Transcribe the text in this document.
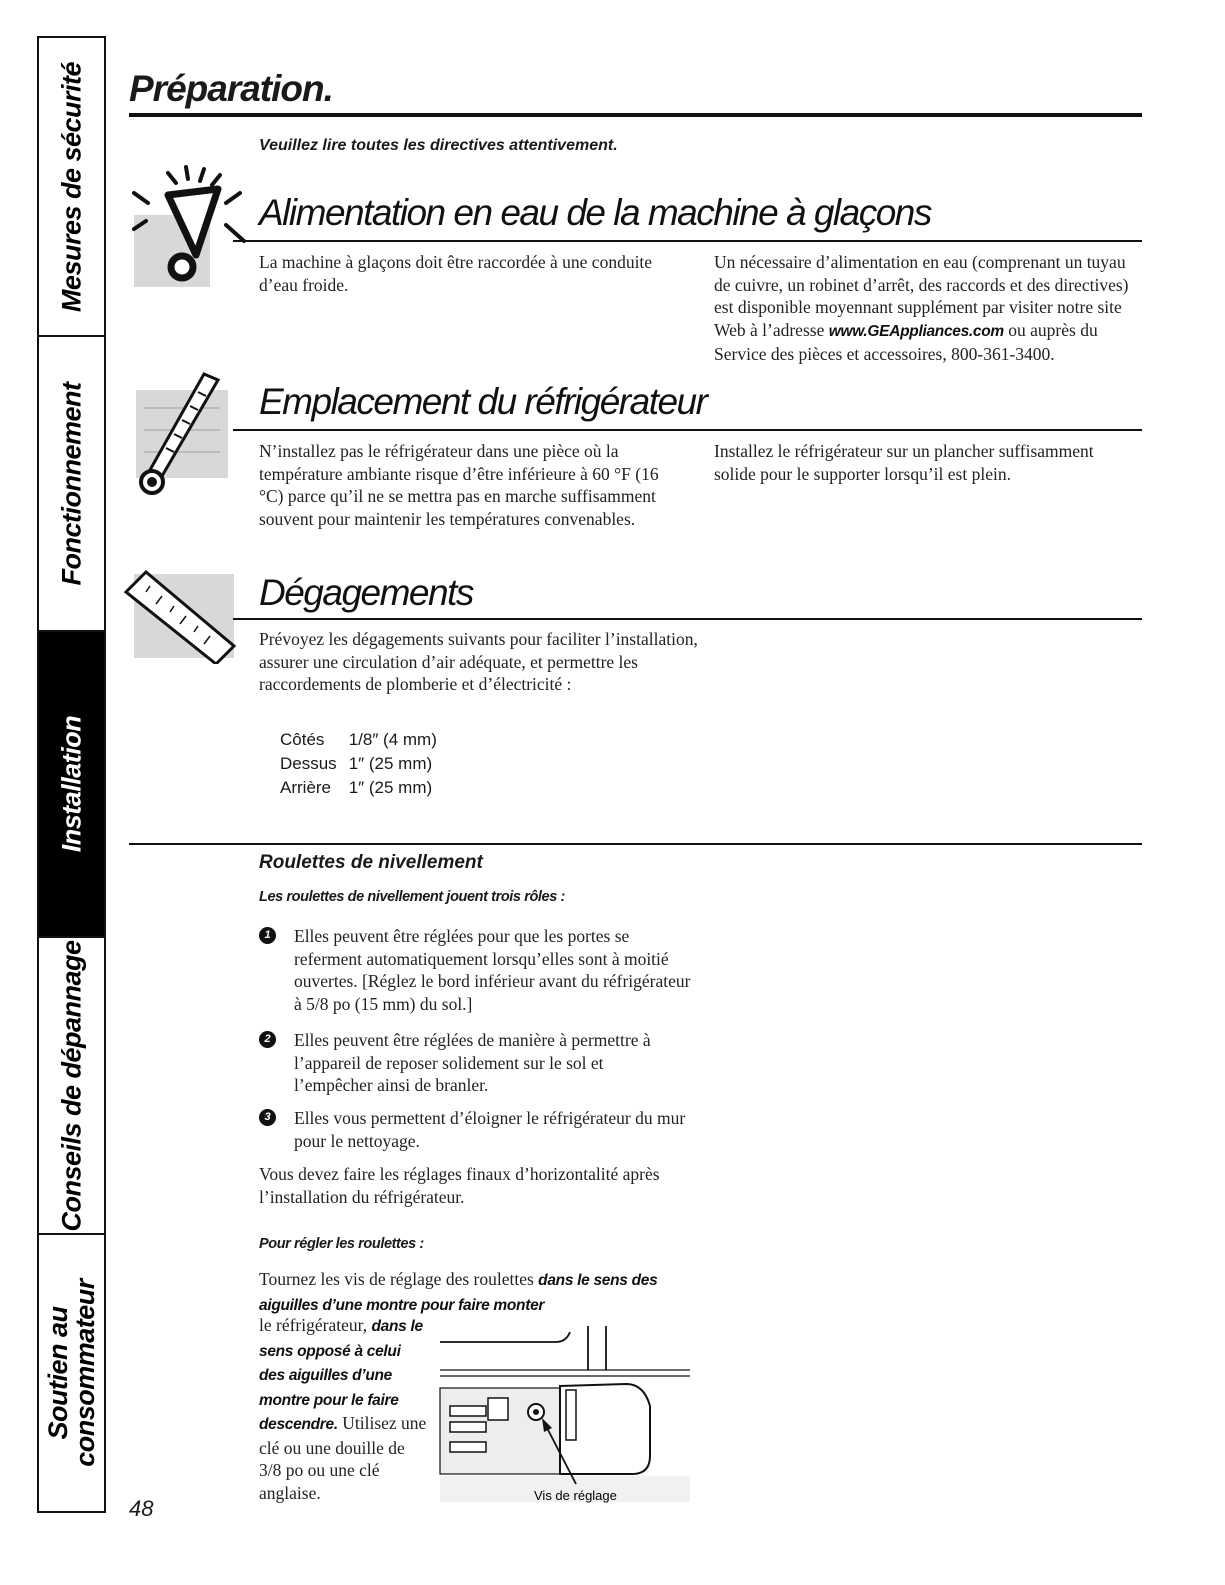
Mesures de sécurité
Fonctionnement
Installation
Conseils de dépannage
Soutien au
consommateur
Préparation.
Veuillez lire toutes les directives attentivement.
Alimentation en eau de la machine à glaçons

La machine à glaçons doit être raccordée à une conduite d’eau froide.

Un nécessaire d’alimentation en eau (comprenant un tuyau de cuivre, un robinet d’arrêt, des raccords et des directives) est disponible moyennant supplément par visiter notre site Web à l’adresse www.GEAppliances.com ou auprès du Service des pièces et accessoires, 800-361-3400.

Emplacement du réfrigérateur

N’installez pas le réfrigérateur dans une pièce où la température ambiante risque d’être inférieure à 60 °F (16 °C) parce qu’il ne se mettra pas en marche suffisamment souvent pour maintenir les températures convenables.

Installez le réfrigérateur sur un plancher suffisamment solide pour le supporter lorsqu’il est plein.

Dégagements

Prévoyez les dégagements suivants pour faciliter l’installation, assurer une circulation d’air adéquate, et permettre les raccordements de plomberie et d’électricité :

Côtés	1/8″ (4 mm)
Dessus	1″ (25 mm)
Arrière	1″ (25 mm)
Roulettes de nivellement
Les roulettes de nivellement jouent trois rôles :
1	Elles peuvent être réglées pour que les portes se referment automatiquement lorsqu’elles sont à moitié ouvertes. [Réglez le bord inférieur avant du réfrigérateur à 5/8 po (15 mm) du sol.]

2	Elles peuvent être réglées de manière à permettre à l’appareil de reposer solidement sur le sol et l’empêcher ainsi de branler.

3	Elles vous permettent d’éloigner le réfrigérateur du mur pour le nettoyage.

Vous devez faire les réglages finaux d’horizontalité après l’installation du réfrigérateur.

Pour régler les roulettes :

Tournez les vis de réglage des roulettes dans le sens des aiguilles d’une montre pour faire monter

le réfrigérateur, dans le sens opposé à celui des aiguilles d’une montre pour le faire descendre. Utilisez une clé ou une douille de 3/8 po ou une clé anglaise.	Vis de réglage

48
